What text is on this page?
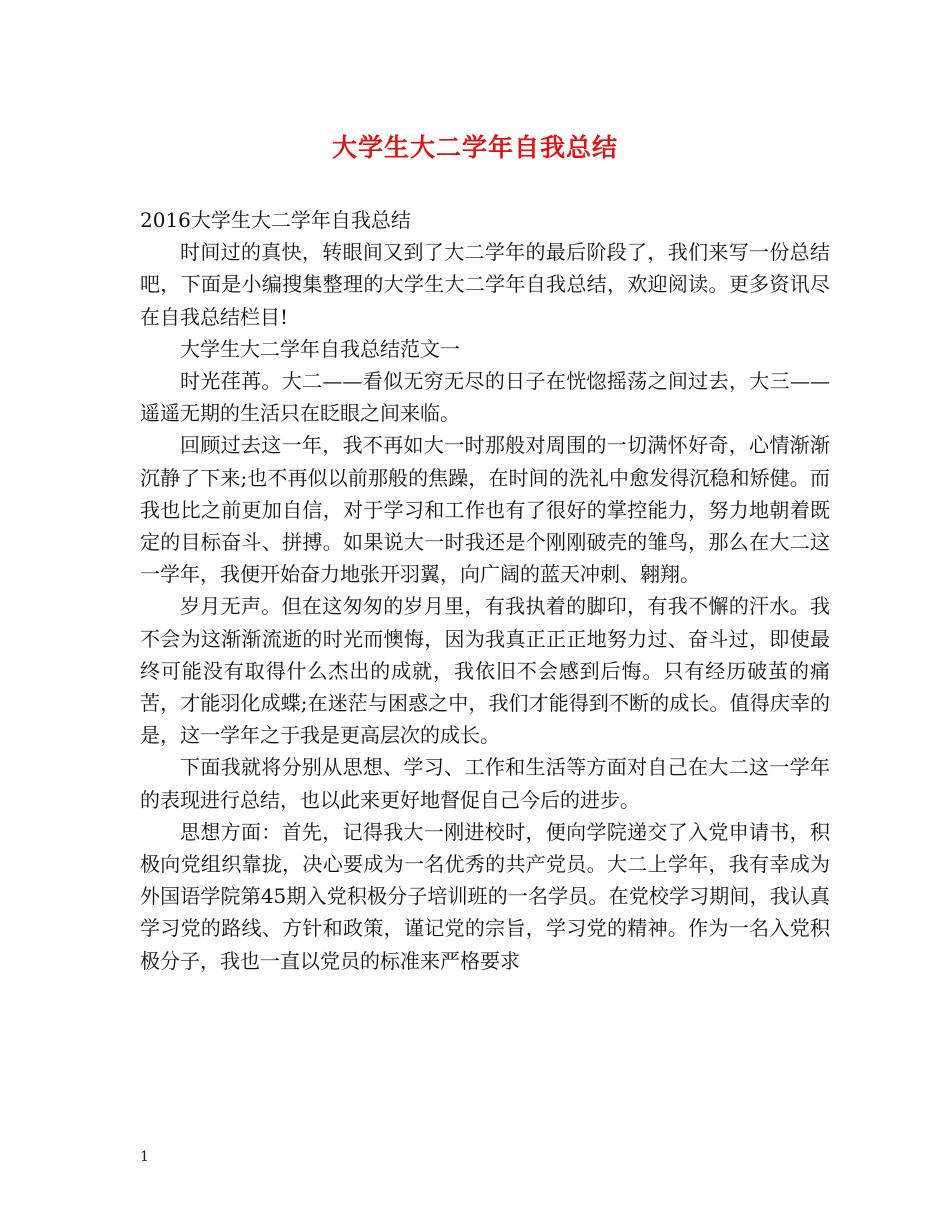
大学生大二学年自我总结

2016大学生大二学年自我总结

时间过的真快，转眼间又到了大二学年的最后阶段了，我们来写一份总结吧，下面是小编搜集整理的大学生大二学年自我总结，欢迎阅读。更多资讯尽在自我总结栏目!

大学生大二学年自我总结范文一

时光荏苒。大二——看似无穷无尽的日子在恍惚摇荡之间过去，大三——遥遥无期的生活只在眨眼之间来临。

回顾过去这一年，我不再如大一时那般对周围的一切满怀好奇，心情渐渐沉静了下来;也不再似以前那般的焦躁，在时间的洗礼中愈发得沉稳和矫健。而我也比之前更加自信，对于学习和工作也有了很好的掌控能力，努力地朝着既定的目标奋斗、拼搏。如果说大一时我还是个刚刚破壳的雏鸟，那么在大二这一学年，我便开始奋力地张开羽翼，向广阔的蓝天冲刺、翱翔。

岁月无声。但在这匆匆的岁月里，有我执着的脚印，有我不懈的汗水。我不会为这渐渐流逝的时光而懊悔，因为我真正正正地努力过、奋斗过，即使最终可能没有取得什么杰出的成就，我依旧不会感到后悔。只有经历破茧的痛苦，才能羽化成蝶;在迷茫与困惑之中，我们才能得到不断的成长。值得庆幸的是，这一学年之于我是更高层次的成长。

下面我就将分别从思想、学习、工作和生活等方面对自己在大二这一学年的表现进行总结，也以此来更好地督促自己今后的进步。

思想方面：首先，记得我大一刚进校时，便向学院递交了入党申请书，积极向党组织靠拢，决心要成为一名优秀的共产党员。大二上学年，我有幸成为外国语学院第45期入党积极分子培训班的一名学员。在党校学习期间，我认真学习党的路线、方针和政策，谨记党的宗旨，学习党的精神。作为一名入党积极分子，我也一直以党员的标准来严格要求

1
